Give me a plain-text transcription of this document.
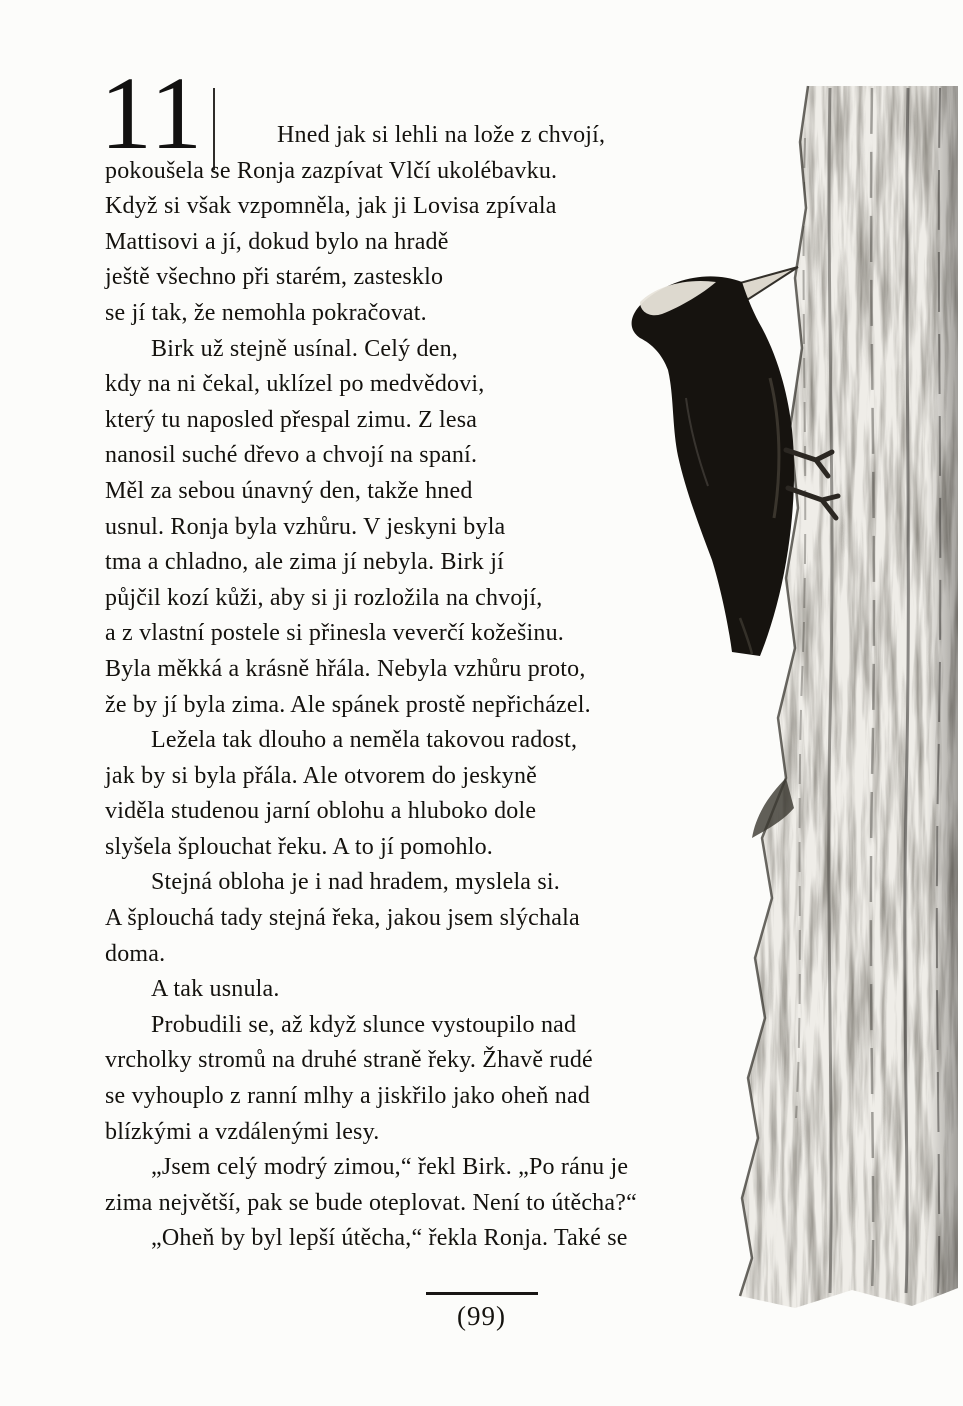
11	Hned jak si lehli na lože z chvojí,
pokoušela se Ronja zazpívat Vlčí ukolébavku.
Když si však vzpomněla, jak ji Lovisa zpívala
Mattisovi a jí, dokud bylo na hradě
ještě všechno při starém, zastesklo
se jí tak, že nemohla pokračovat.
Birk už stejně usínal. Celý den,
kdy na ni čekal, uklízel po medvědovi,
který tu naposled přespal zimu. Z lesa
nanosil suché dřevo a chvojí na spaní.
Měl za sebou únavný den, takže hned
usnul. Ronja byla vzhůru. V jeskyni byla
tma a chladno, ale zima jí nebyla. Birk jí
půjčil kozí kůži, aby si ji rozložila na chvojí,
a z vlastní postele si přinesla veverčí kožešinu.
Byla měkká a krásně hřála. Nebyla vzhůru proto,
že by jí byla zima. Ale spánek prostě nepřicházel.
Ležela tak dlouho a neměla takovou radost,
jak by si byla přála. Ale otvorem do jeskyně
viděla studenou jarní oblohu a hluboko dole
slyšela šplouchat řeku. A to jí pomohlo.
Stejná obloha je i nad hradem, myslela si.
A šplouchá tady stejná řeka, jakou jsem slýchala
doma.
A tak usnula.
Probudili se, až když slunce vystoupilo nad
vrcholky stromů na druhé straně řeky. Žhavě rudé
se vyhouplo z ranní mlhy a jiskřilo jako oheň nad
blízkými a vzdálenými lesy.
„Jsem celý modrý zimou,“ řekl Birk. „Po ránu je
zima největší, pak se bude oteplovat. Není to útěcha?“
„Oheň by byl lepší útěcha,“ řekla Ronja. Také se
(99)
